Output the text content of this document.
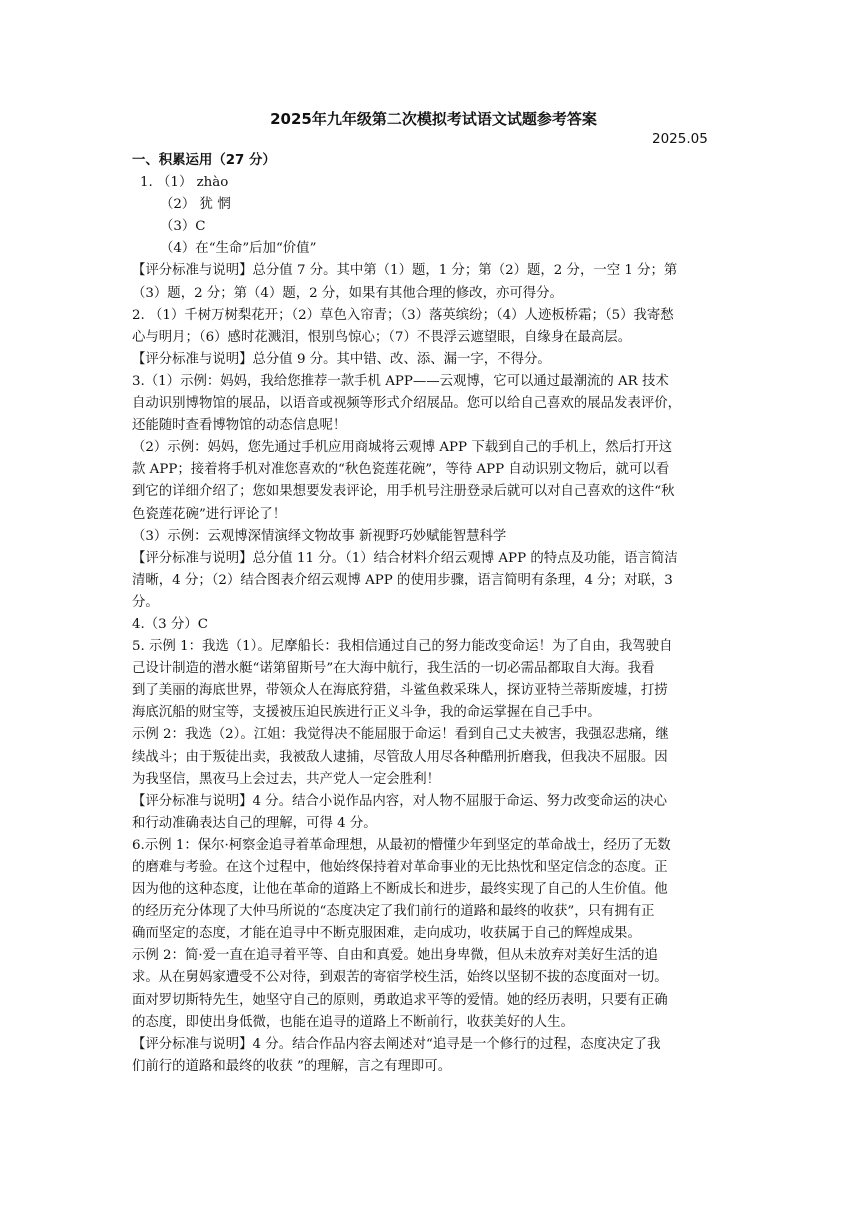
2025年九年级第二次模拟考试语文试题参考答案
2025.05
一、积累运用（27 分）
1. （1） zhào
（2） 犹 惘
（3）C
（4）在“生命”后加“价值”
【评分标准与说明】总分值 7 分。其中第（1）题，1 分；第（2）题，2 分，一空 1 分；第
（3）题，2 分；第（4）题，2 分，如果有其他合理的修改，亦可得分。
2. （1）千树万树梨花开；（2）草色入帘青；（3）落英缤纷；（4）人迹板桥霜；（5）我寄愁
心与明月；（6）感时花溅泪，恨别鸟惊心；（7）不畏浮云遮望眼，自缘身在最高层。
【评分标准与说明】总分值 9 分。其中错、改、添、漏一字，不得分。
3.（1）示例：妈妈，我给您推荐一款手机 APP——云观博，它可以通过最潮流的 AR 技术
自动识别博物馆的展品，以语音或视频等形式介绍展品。您可以给自己喜欢的展品发表评价，
还能随时查看博物馆的动态信息呢！
（2）示例：妈妈，您先通过手机应用商城将云观博 APP 下载到自己的手机上，然后打开这
款 APP；接着将手机对准您喜欢的“秋色瓷莲花碗”，等待 APP 自动识别文物后，就可以看
到它的详细介绍了；您如果想要发表评论，用手机号注册登录后就可以对自己喜欢的这件“秋
色瓷莲花碗”进行评论了！
（3）示例：云观博深情演绎文物故事 新视野巧妙赋能智慧科学
【评分标准与说明】总分值 11 分。（1）结合材料介绍云观博 APP 的特点及功能，语言简洁
清晰，4 分；（2）结合图表介绍云观博 APP 的使用步骤，语言简明有条理，4 分；对联，3
分。
4.（3 分）C
5. 示例 1：我选（1）。尼摩船长：我相信通过自己的努力能改变命运！为了自由，我驾驶自
己设计制造的潜水艇“诺第留斯号”在大海中航行，我生活的一切必需品都取自大海。我看
到了美丽的海底世界，带领众人在海底狩猎，斗鲨鱼救采珠人，探访亚特兰蒂斯废墟，打捞
海底沉船的财宝等，支援被压迫民族进行正义斗争，我的命运掌握在自己手中。
示例 2：我选（2）。江姐：我觉得决不能屈服于命运！看到自己丈夫被害，我强忍悲痛，继
续战斗；由于叛徒出卖，我被敌人逮捕，尽管敌人用尽各种酷刑折磨我，但我决不屈服。因
为我坚信，黑夜马上会过去，共产党人一定会胜利！
【评分标准与说明】4 分。结合小说作品内容，对人物不屈服于命运、努力改变命运的决心
和行动准确表达自己的理解，可得 4 分。
6.示例 1：保尔·柯察金追寻着革命理想，从最初的懵懂少年到坚定的革命战士，经历了无数
的磨难与考验。在这个过程中，他始终保持着对革命事业的无比热忱和坚定信念的态度。正
因为他的这种态度，让他在革命的道路上不断成长和进步，最终实现了自己的人生价值。他
的经历充分体现了大仲马所说的“态度决定了我们前行的道路和最终的收获”，只有拥有正
确而坚定的态度，才能在追寻中不断克服困难，走向成功，收获属于自己的辉煌成果。
示例 2：简·爱一直在追寻着平等、自由和真爱。她出身卑微，但从未放弃对美好生活的追
求。从在舅妈家遭受不公对待，到艰苦的寄宿学校生活，始终以坚韧不拔的态度面对一切。
面对罗切斯特先生，她坚守自己的原则，勇敢追求平等的爱情。她的经历表明，只要有正确
的态度，即使出身低微，也能在追寻的道路上不断前行，收获美好的人生。
【评分标准与说明】4 分。结合作品内容去阐述对“追寻是一个修行的过程，态度决定了我
们前行的道路和最终的收获 ”的理解，言之有理即可。
